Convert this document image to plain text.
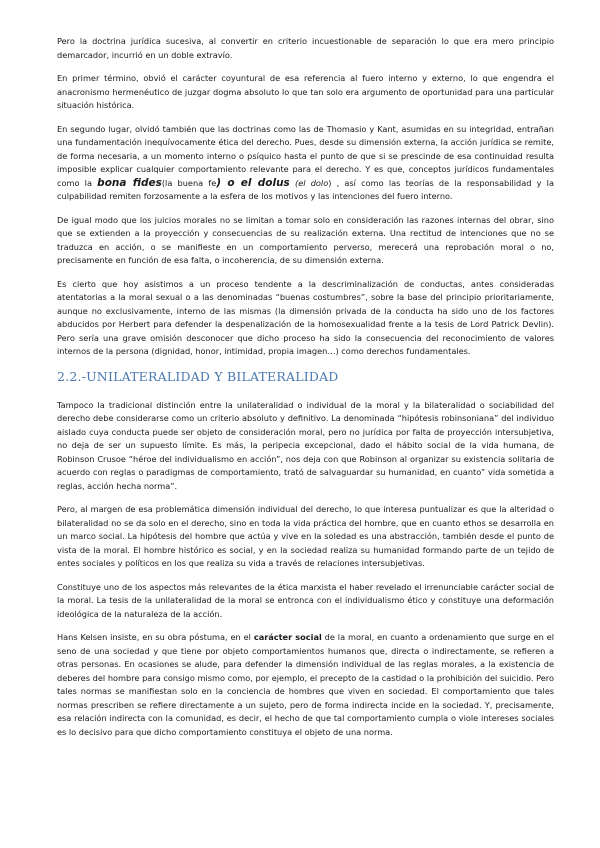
Pero la doctrina jurídica sucesiva, al convertir en criterio incuestionable de separación lo que era mero principio demarcador, incurrió en un doble extravío.

En primer término, obvió el carácter coyuntural de esa referencia al fuero interno y externo, lo que engendra el anacronismo hermenéutico de juzgar dogma absoluto lo que tan solo era argumento de oportunidad para una particular situación histórica.

En segundo lugar, olvidó también que las doctrinas como las de Thomasio y Kant, asumidas en su integridad, entrañan una fundamentación inequívocamente ética del derecho. Pues, desde su dimensión externa, la acción jurídica se remite, de forma necesaria, a un momento interno o psíquico hasta el punto de que si se prescinde de esa continuidad resulta imposible explicar cualquier comportamiento relevante para el derecho. Y es que, conceptos jurídicos fundamentales como la bona fides(la buena fe) o el dolus (el dolo) , así como las teorías de la responsabilidad y la culpabilidad remiten forzosamente a la esfera de los motivos y las intenciones del fuero interno.

De igual modo que los juicios morales no se limitan a tomar solo en consideración las razones internas del obrar, sino que se extienden a la proyección y consecuencias de su realización externa. Una rectitud de intenciones que no se traduzca en acción, o se manifieste en un comportamiento perverso, merecerá una reprobación moral o no, precisamente en función de esa falta, o incoherencia, de su dimensión externa.

Es cierto que hoy asistimos a un proceso tendente a la descriminalización de conductas, antes consideradas atentatorias a la moral sexual o a las denominadas “buenas costumbres”, sobre la base del principio prioritariamente, aunque no exclusivamente, interno de las mismas (la dimensión privada de la conducta ha sido uno de los factores abducidos por Herbert para defender la despenalización de la homosexualidad frente a la tesis de Lord Patrick Devlin). Pero sería una grave omisión desconocer que dicho proceso ha sido la consecuencia del reconocimiento de valores internos de la persona (dignidad, honor, intimidad, propia imagen…) como derechos fundamentales.

2.2.-UNILATERALIDAD Y BILATERALIDAD

Tampoco la tradicional distinción entre la unilateralidad o individual de la moral y la bilateralidad o sociabilidad del derecho debe considerarse como un criterio absoluto y definitivo. La denominada “hipótesis robinsoniana” del individuo aislado cuya conducta puede ser objeto de consideración moral, pero no jurídica por falta de proyección intersubjetiva, no deja de ser un supuesto límite. Es más, la peripecia excepcional, dado el hábito social de la vida humana, de Robinson Crusoe “héroe del individualismo en acción”, nos deja con que Robinson al organizar su existencia solitaria de acuerdo con reglas o paradigmas de comportamiento, trató de salvaguardar su humanidad, en cuanto” vida sometida a reglas, acción hecha norma”.

Pero, al margen de esa problemática dimensión individual del derecho, lo que interesa puntualizar es que la alteridad o bilateralidad no se da solo en el derecho, sino en toda la vida práctica del hombre, que en cuanto ethos se desarrolla en un marco social. La hipótesis del hombre que actúa y vive en la soledad es una abstracción, también desde el punto de vista de la moral. El hombre histórico es social, y en la sociedad realiza su humanidad formando parte de un tejido de entes sociales y políticos en los que realiza su vida a través de relaciones intersubjetivas.

Constituye uno de los aspectos más relevantes de la ética marxista el haber revelado el irrenunciable carácter social de la moral. La tesis de la unilateralidad de la moral se entronca con el individualismo ético y constituye una deformación ideológica de la naturaleza de la acción.

Hans Kelsen insiste, en su obra póstuma, en el carácter social de la moral, en cuanto a ordenamiento que surge en el seno de una sociedad y que tiene por objeto comportamientos humanos que, directa o indirectamente, se refieren a otras personas. En ocasiones se alude, para defender la dimensión individual de las reglas morales, a la existencia de deberes del hombre para consigo mismo como, por ejemplo, el precepto de la castidad o la prohibición del suicidio. Pero tales normas se manifiestan solo en la conciencia de hombres que viven en sociedad. El comportamiento que tales normas prescriben se refiere directamente a un sujeto, pero de forma indirecta incide en la sociedad. Y, precisamente, esa relación indirecta con la comunidad, es decir, el hecho de que tal comportamiento cumpla o viole intereses sociales es lo decisivo para que dicho comportamiento constituya el objeto de una norma.
